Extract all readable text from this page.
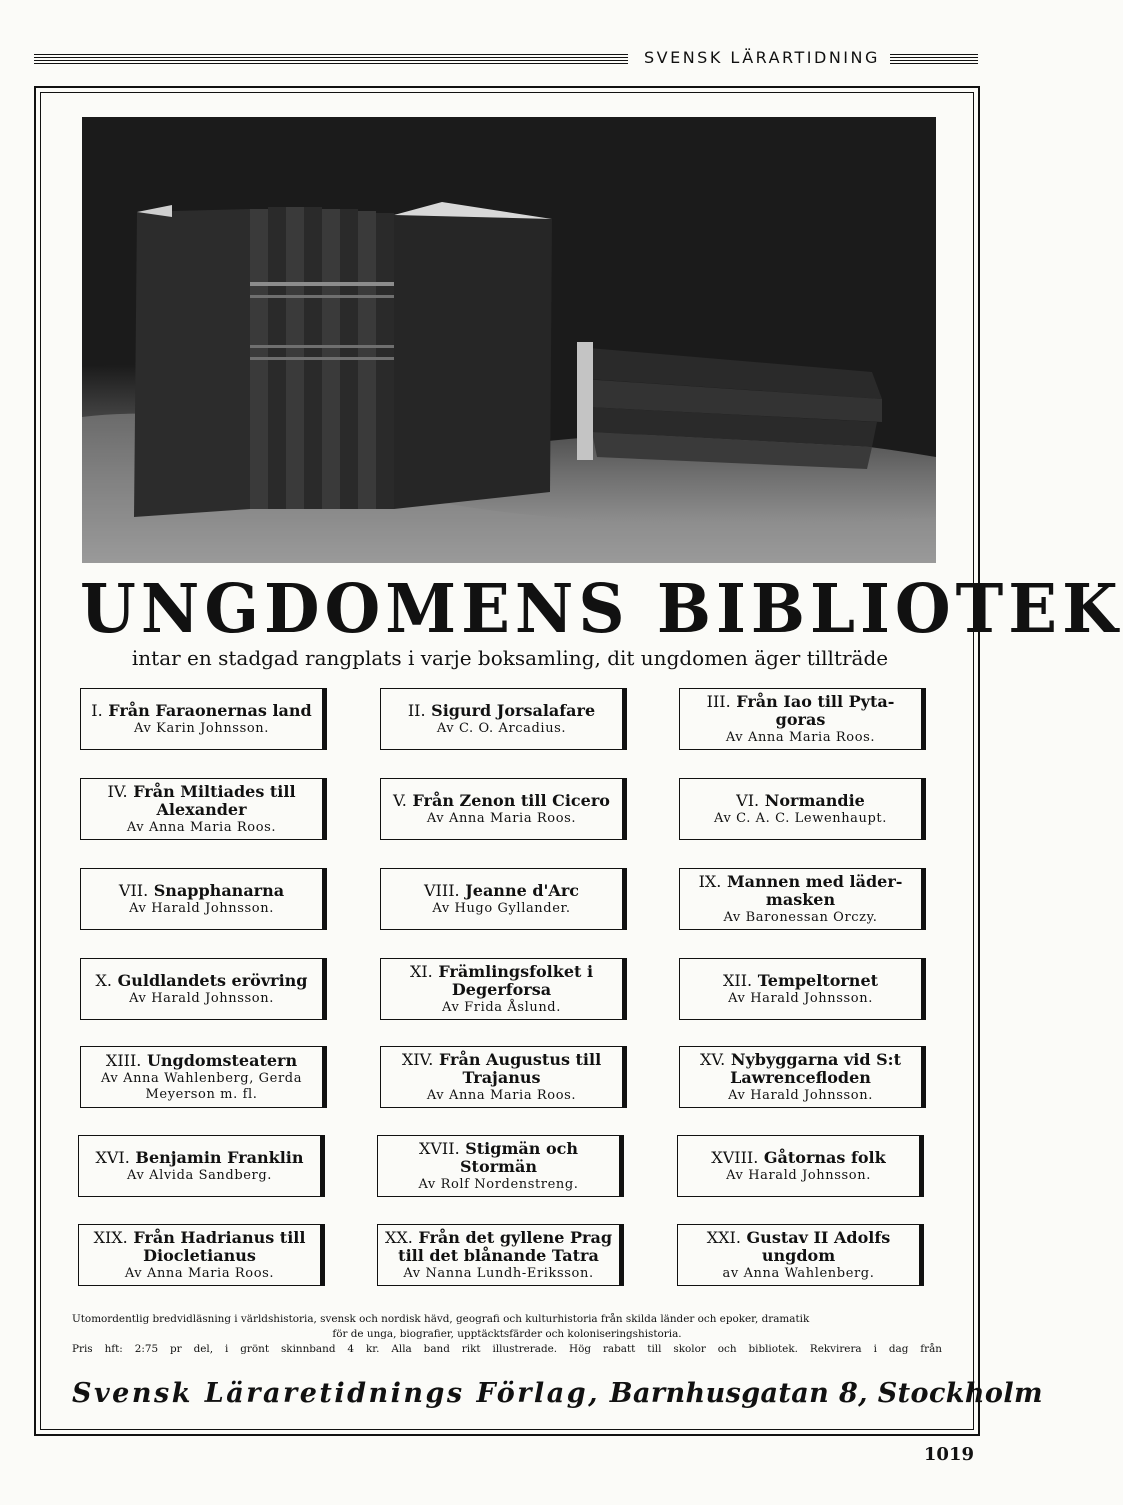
SVENSK LÄRARTIDNING
UNGDOMENS BIBLIOTEK
intar en stadgad rangplats i varje boksamling, dit ungdomen äger tillträde
I. Från Faraonernas land
Av Karin Johnsson.
II. Sigurd Jorsalafare
Av C. O. Arcadius.
III. Från Iao till Pyta-goras
Av Anna Maria Roos.
IV. Från Miltiades till Alexander
Av Anna Maria Roos.
V. Från Zenon till Cicero
Av Anna Maria Roos.
VI. Normandie
Av C. A. C. Lewenhaupt.
VII. Snapphanarna
Av Harald Johnsson.
VIII. Jeanne d'Arc
Av Hugo Gyllander.
IX. Mannen med läder-masken
Av Baronessan Orczy.
X. Guldlandets erövring
Av Harald Johnsson.
XI. Främlingsfolket i Degerforsa
Av Frida Åslund.
XII. Tempeltornet
Av Harald Johnsson.
XIII. Ungdomsteatern
Av Anna Wahlenberg, Gerda Meyerson m. fl.
XIV. Från Augustus till Trajanus
Av Anna Maria Roos.
XV. Nybyggarna vid S:t Lawrencefloden
Av Harald Johnsson.
XVI. Benjamin Franklin
Av Alvida Sandberg.
XVII. Stigmän och Stormän
Av Rolf Nordenstreng.
XVIII. Gåtornas folk
Av Harald Johnsson.
XIX. Från Hadrianus till Diocletianus
Av Anna Maria Roos.
XX. Från det gyllene Prag till det blånande Tatra
Av Nanna Lundh-Eriksson.
XXI. Gustav II Adolfs ungdom
av Anna Wahlenberg.

Utomordentlig bredvidläsning i världshistoria, svensk och nordisk hävd, geografi och kulturhistoria från skilda länder och epoker, dramatik

för de unga, biografier, upptäcktsfärder och koloniseringshistoria.

Pris hft: 2:75 pr del, i grönt skinnband 4 kr. Alla band rikt illustrerade. Hög rabatt till skolor och bibliotek. Rekvirera i dag från

Svensk Läraretidnings Förlag, Barnhusgatan 8, Stockholm
1019
